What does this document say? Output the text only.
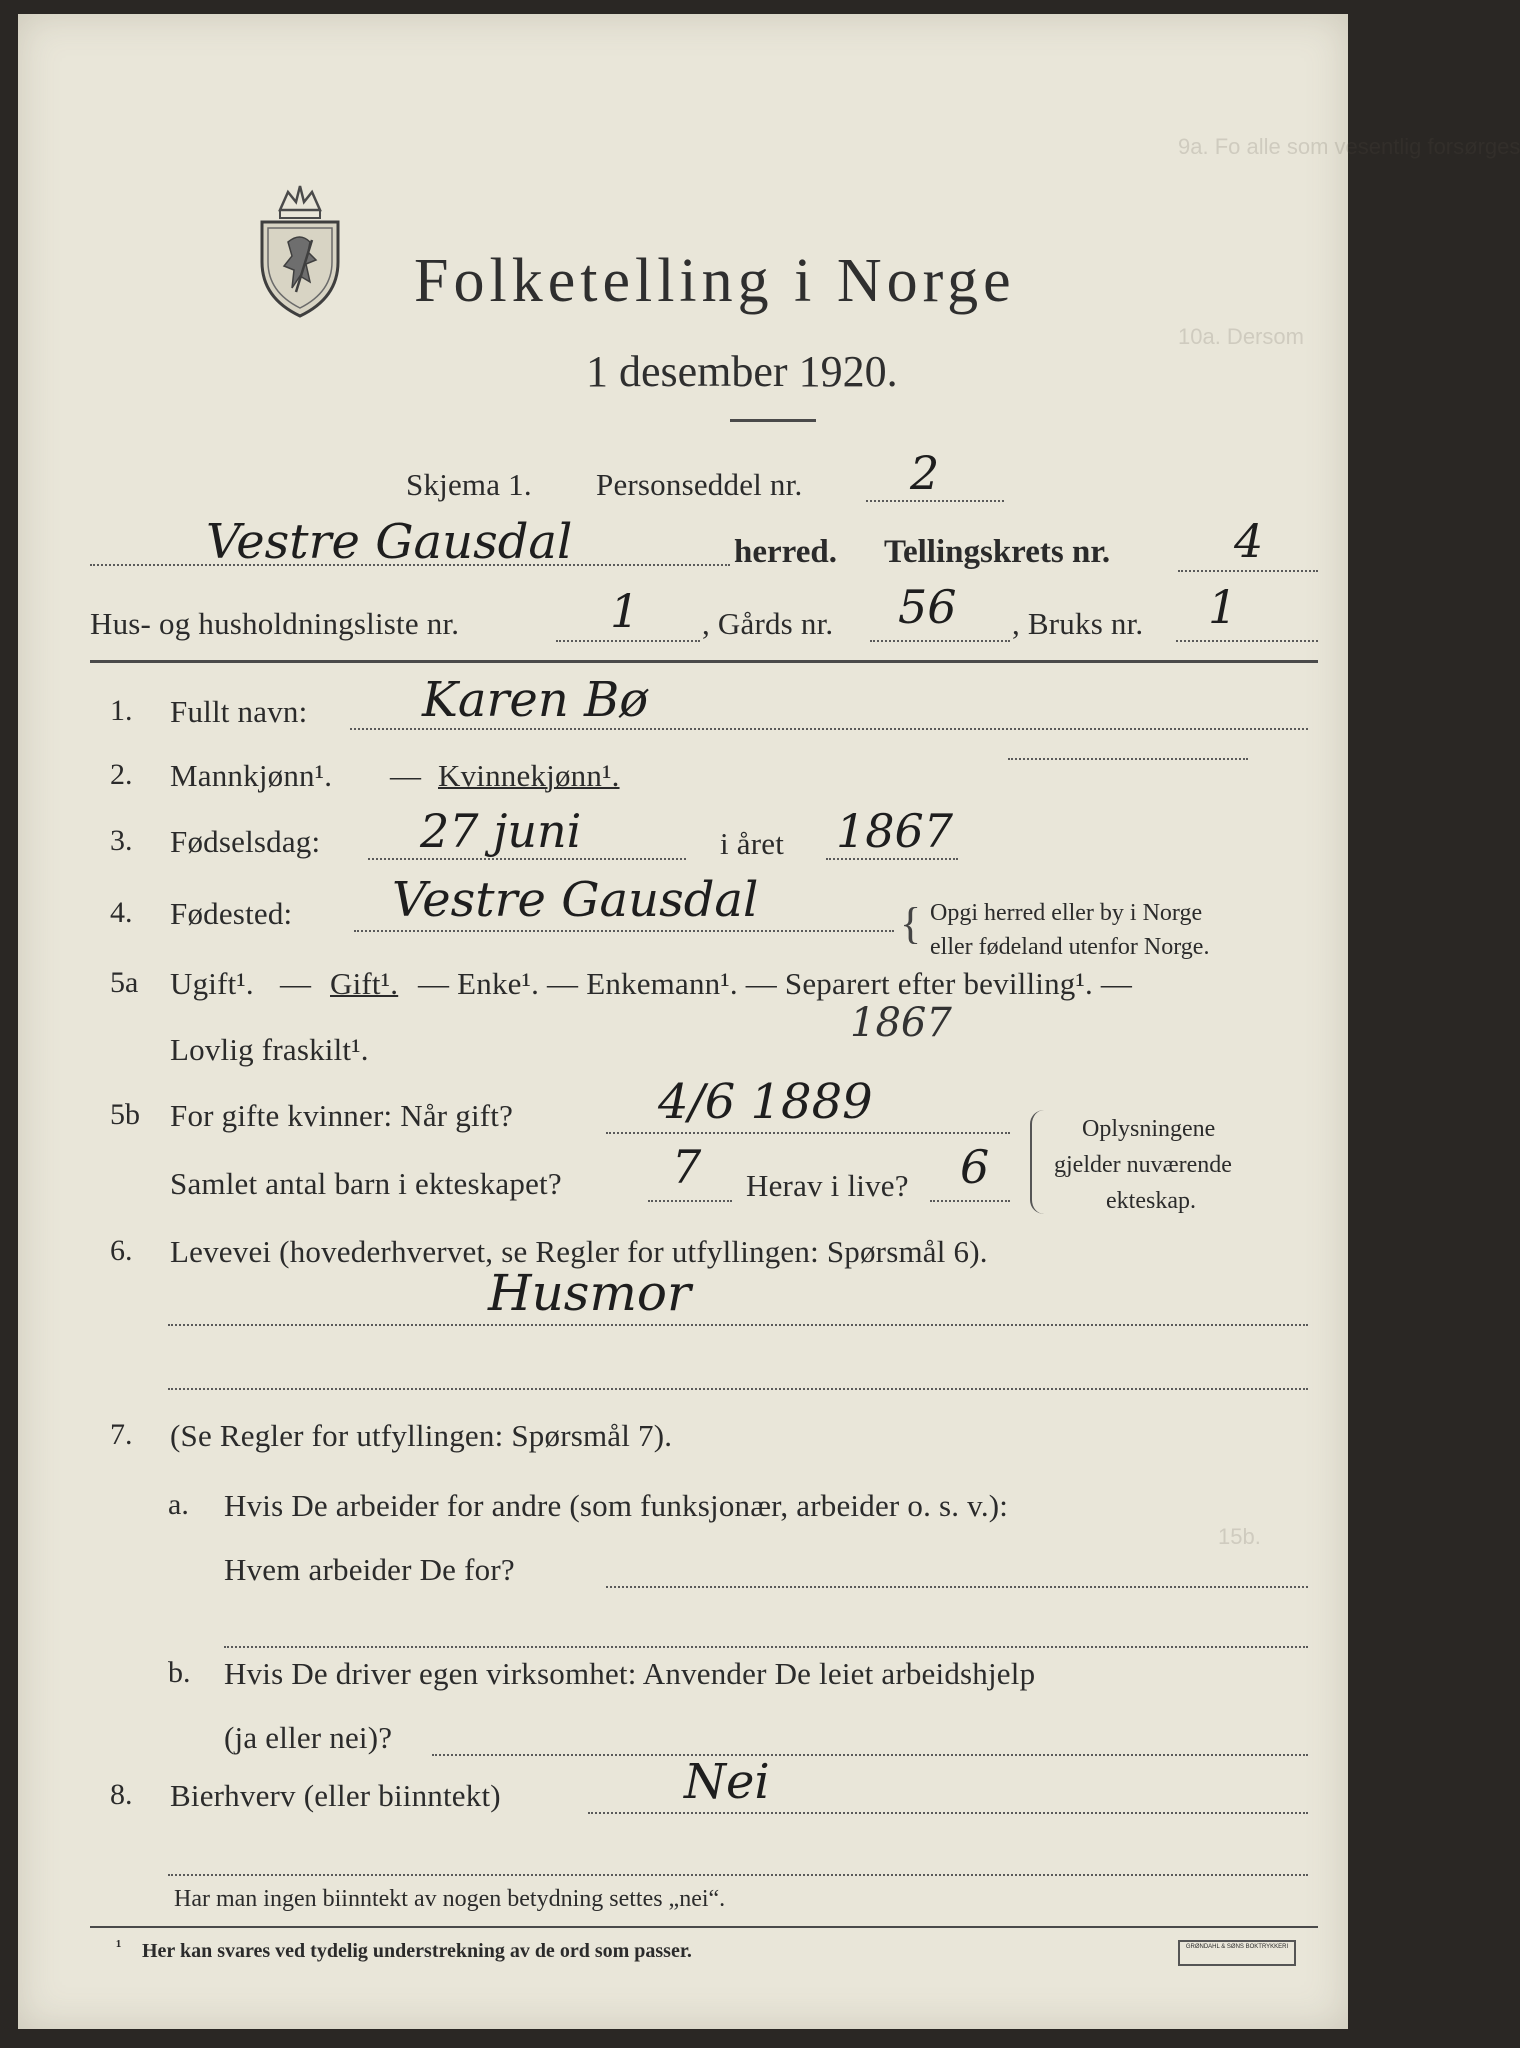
9a. Fo alle som vesentlig forsørges
10a. Dersom
15b.
Folketelling i Norge
1 desember 1920.
Skjema 1. Personseddel nr. 2
Vestre Gausdal	herred. Tellingskrets nr.	4
Hus- og husholdningsliste nr.	1 , Gårds nr. 56 , Bruks nr. 1
1. Fullt navn: Karen Bø
2. Mannkjønn¹. — Kvinnekjønn¹.
3. Fødselsdag: 27 juni	i året 1867
4. Fødested: Vestre Gausdal	{ Opgi herred eller by i Norge
eller fødeland utenfor Norge.
5a Ugift¹. — Gift¹. — Enke¹. — Enkemann¹. — Separert efter bevilling¹. —
1867
Lovlig fraskilt¹.
5b For gifte kvinner: Når gift?	4/6 1889
Samlet antal barn i ekteskapet? 7 Herav i live? 6
Oplysningene
gjelder nuværende
ekteskap.
6. Levevei (hovederhvervet, se Regler for utfyllingen: Spørsmål 6).
Husmor
7. (Se Regler for utfyllingen: Spørsmål 7).
a. Hvis De arbeider for andre (som funksjonær, arbeider o. s. v.):
Hvem arbeider De for?
b. Hvis De driver egen virksomhet: Anvender De leiet arbeidshjelp
(ja eller nei)?
8. Bierhverv (eller biinntekt)	Nei
Har man ingen biinntekt av nogen betydning settes „nei“.
¹ Her kan svares ved tydelig understrekning av de ord som passer.	GRØNDAHL & SØNS BOKTRYKKERI
